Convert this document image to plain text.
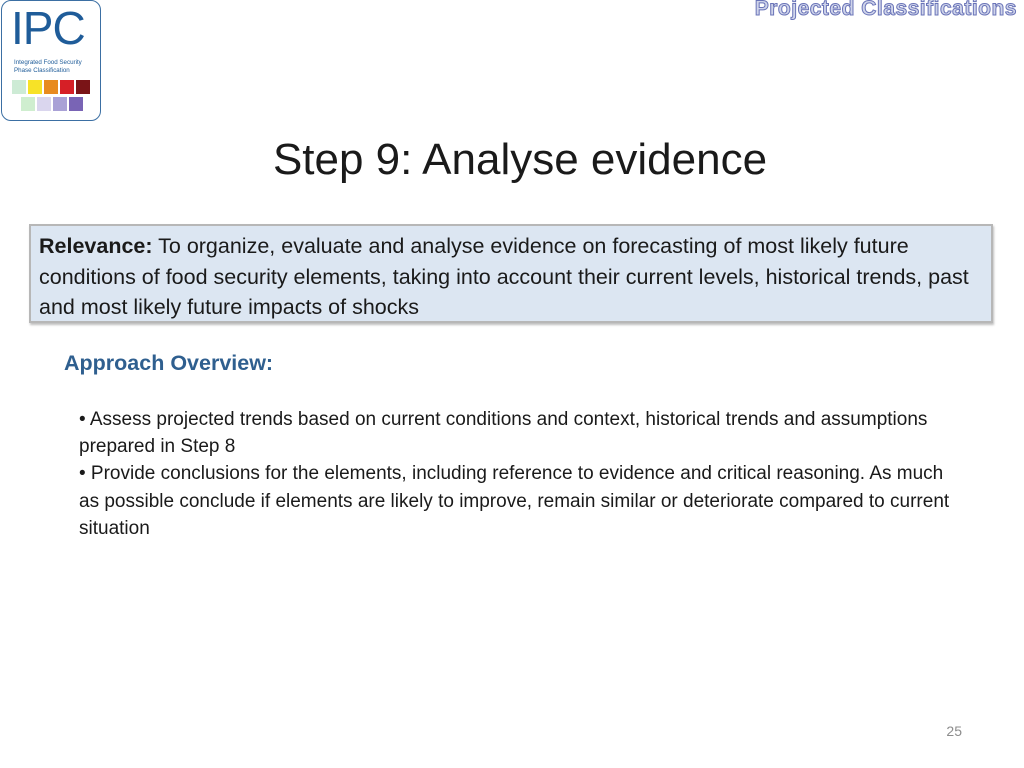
IPC
Integrated Food Security
Phase Classification
Projected Classifications
Step 9: Analyse evidence
Relevance: To organize, evaluate and analyse evidence on forecasting of most likely future conditions of food security elements, taking into account their current levels, historical trends, past and most likely future impacts of shocks
Approach Overview:

• Assess projected trends based on current conditions and context, historical trends and assumptions prepared in Step 8

• Provide conclusions for the elements, including reference to evidence and critical reasoning. As much as possible conclude if elements are likely to improve, remain similar or deteriorate compared to current situation

25
